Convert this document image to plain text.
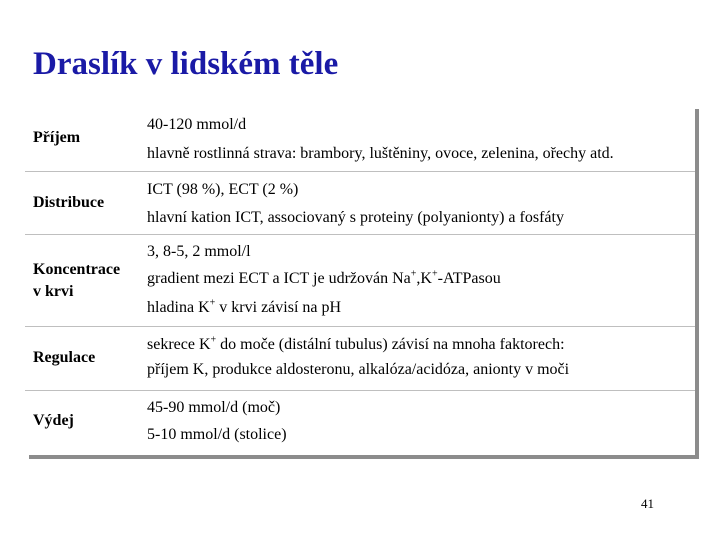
Draslík v lidském těle
Příjem
40-120 mmol/d
hlavně rostlinná strava: brambory, luštěniny, ovoce, zelenina, ořechy atd.
Distribuce
ICT (98 %), ECT (2 %)
hlavní kation ICT, associovaný s proteiny (polyanionty) a fosfáty
Koncentrace
v krvi
3, 8-5, 2 mmol/l
gradient mezi ECT a ICT je udržován Na+,K+-ATPasou
hladina K+ v krvi závisí na pH
Regulace
sekrece K+ do moče (distální tubulus) závisí na mnoha faktorech:
příjem K, produkce aldosteronu, alkalóza/acidóza, anionty v moči
Výdej
45-90 mmol/d (moč)
5-10 mmol/d (stolice)
41
